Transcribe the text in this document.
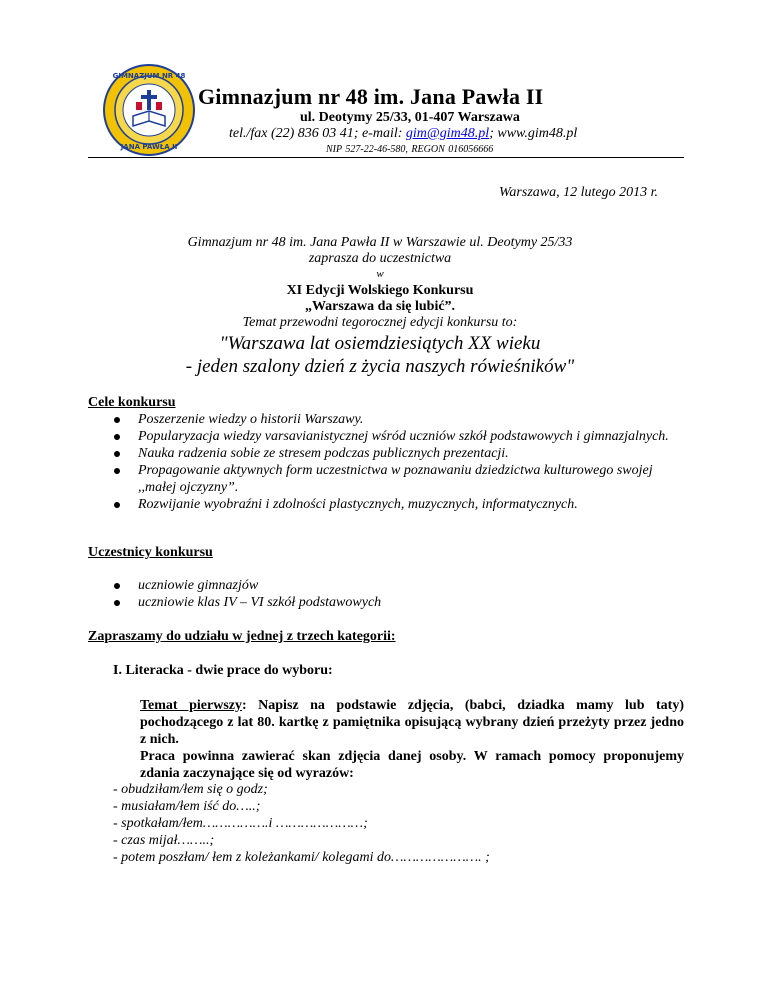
GIMNAZJUM NR 48
JANA PAWŁA II
Gimnazjum nr 48 im. Jana Pawła II
ul. Deotymy 25/33, 01-407 Warszawa
tel./fax (22) 836 03 41; e-mail: gim@gim48.pl; www.gim48.pl
NIP 527-22-46-580, REGON 016056666
Warszawa, 12 lutego 2013 r.
Gimnazjum nr 48 im. Jana Pawła II w Warszawie ul. Deotymy 25/33
zaprasza do uczestnictwa
w
XI Edycji Wolskiego Konkursu
„Warszawa da się lubić”.
Temat przewodni tegorocznej edycji konkursu to:
"Warszawa lat osiemdziesiątych XX wieku
- jeden szalony dzień z życia naszych rówieśników"
Cele konkursu
Poszerzenie wiedzy o historii Warszawy.
Popularyzacja wiedzy varsavianistycznej wśród uczniów szkół podstawowych i gimnazjalnych.
Nauka radzenia sobie ze stresem podczas publicznych prezentacji.
Propagowanie aktywnych form uczestnictwa w poznawaniu dziedzictwa kulturowego swojej ,,małej ojczyzny”.
Rozwijanie wyobraźni i zdolności plastycznych, muzycznych, informatycznych.
Uczestnicy konkursu
uczniowie gimnazjów
uczniowie klas IV – VI szkół podstawowych
Zapraszamy do udziału w jednej z trzech kategorii:
I. Literacka - dwie prace do wyboru:

Temat pierwszy: Napisz na podstawie zdjęcia, (babci, dziadka mamy lub taty) pochodzącego z lat 80. kartkę z pamiętnika opisującą wybrany dzień przeżyty przez jedno z nich.

Praca powinna zawierać skan zdjęcia danej osoby. W ramach pomocy proponujemy zdania zaczynające się od wyrazów:

- obudziłam/łem się o godz;
- musiałam/łem iść do…..;
- spotkałam/łem…………….i …………………;
- czas mijał……..;
- potem poszłam/ łem z koleżankami/ kolegami do…………………. ;
